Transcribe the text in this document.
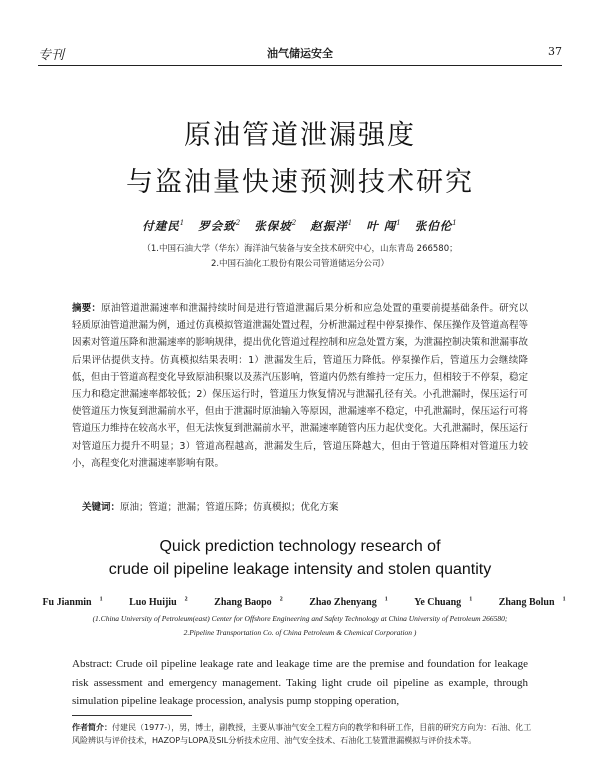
专刊	油气储运安全	37
原油管道泄漏强度
与盗油量快速预测技术研究
付建民$^1$ 罗会致$^2$ 张保坡$^2$ 赵振洋$^1$ 叶 闯$^1$ 张伯伦$^1$
（1.中国石油大学（华东）海洋油气装备与安全技术研究中心，山东青岛 266580；
2.中国石油化工股份有限公司管道储运分公司）
摘要：原油管道泄漏速率和泄漏持续时间是进行管道泄漏后果分析和应急处置的重要前提基础条件。研究以轻质原油管道泄漏为例，通过仿真模拟管道泄漏处置过程，分析泄漏过程中停泵操作、保压操作及管道高程等因素对管道压降和泄漏速率的影响规律，提出优化管道过程控制和应急处置方案，为泄漏控制决策和泄漏事故后果评估提供支持。仿真模拟结果表明：1）泄漏发生后，管道压力降低。停泵操作后，管道压力会继续降低，但由于管道高程变化导致原油积聚以及蒸汽压影响，管道内仍然有维持一定压力，但相较于不停泵，稳定压力和稳定泄漏速率都较低；2）保压运行时，管道压力恢复情况与泄漏孔径有关。小孔泄漏时，保压运行可使管道压力恢复到泄漏前水平，但由于泄漏时原油输入等原因，泄漏速率不稳定，中孔泄漏时，保压运行可将管道压力维持在较高水平，但无法恢复到泄漏前水平，泄漏速率随管内压力起伏变化。大孔泄漏时，保压运行对管道压力提升不明显；3）管道高程越高，泄漏发生后，管道压降越大，但由于管道压降相对管道压力较小，高程变化对泄漏速率影响有限。
关键词：原油；管道；泄漏；管道压降；仿真模拟；优化方案
Quick prediction technology research of
crude oil pipeline leakage intensity and stolen quantity
Fu Jianmin $^1$	Luo Huijiu $^2$	Zhang Baopo $^2$	Zhao Zhenyang $^1$	Ye Chuang $^1$	Zhang Bolun $^1$
(1.China University of Petroleum(east) Center for Offshore Engineering and Safety Technology at China University of Petroleum 266580;
2.Pipeline Transportation Co. of China Petroleum & Chemical Corporation )
Abstract: Crude oil pipeline leakage rate and leakage time are the premise and foundation for leakage risk assessment and emergency management. Taking light crude oil pipeline as example, through simulation pipeline leakage procession, analysis pump stopping operation,
作者简介：付建民（1977-），男，博士，副教授，主要从事油气安全工程方向的教学和科研工作，目前的研究方向为：石油、化工风险辨识与评价技术，HAZOP与LOPA及SIL分析技术应用、油气安全技术、石油化工装置泄漏模拟与评价技术等。
